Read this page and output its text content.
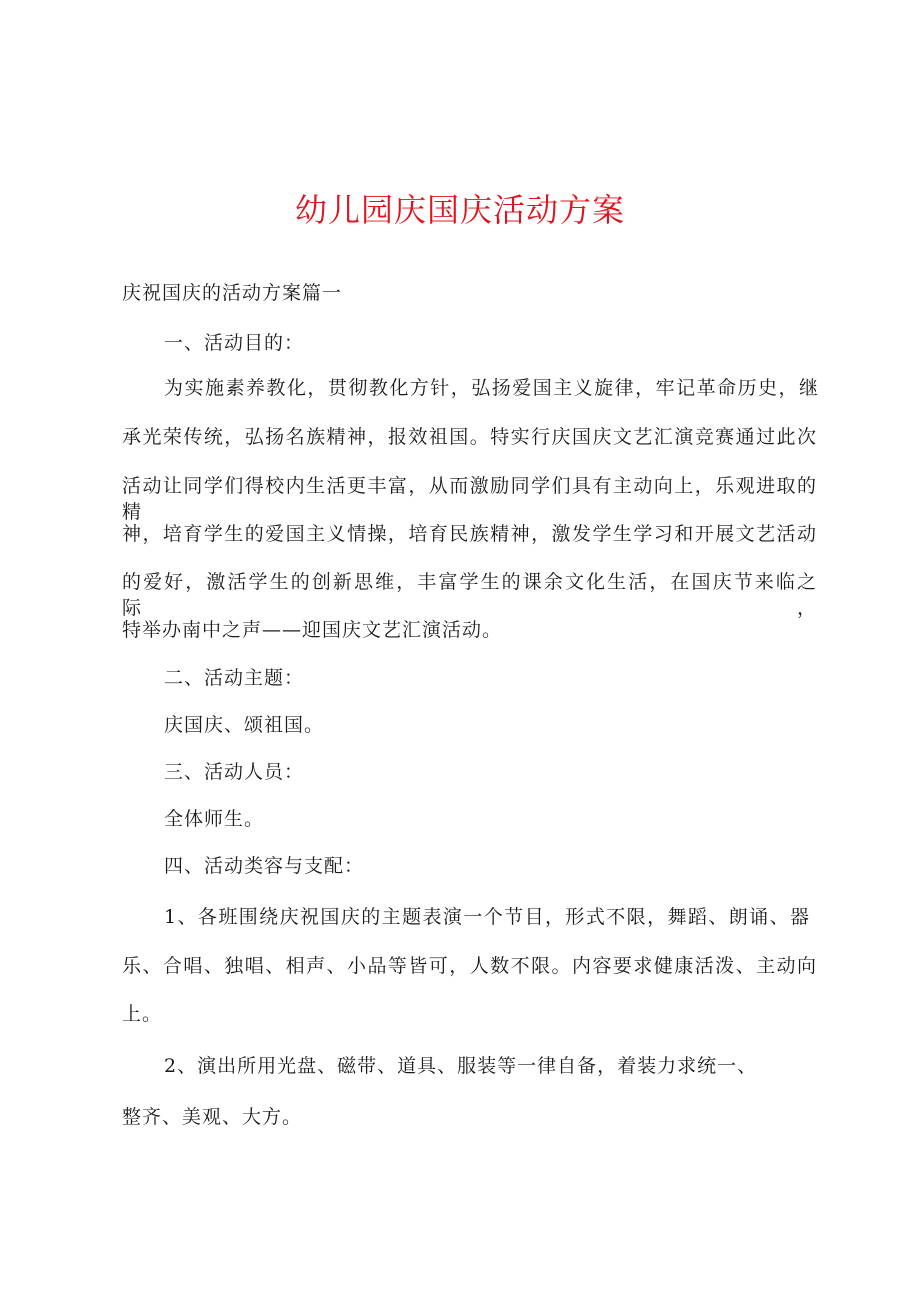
幼儿园庆国庆活动方案
庆祝国庆的活动方案篇一
一、活动目的：
为实施素养教化，贯彻教化方针，弘扬爱国主义旋律，牢记革命历史，继
承光荣传统，弘扬名族精神，报效祖国。特实行庆国庆文艺汇演竞赛通过此次
活动让同学们得校内生活更丰富，从而激励同学们具有主动向上，乐观进取的精
神，培育学生的爱国主义情操，培育民族精神，激发学生学习和开展文艺活动
的爱好，激活学生的创新思维，丰富学生的课余文化生活，在国庆节来临之际，
特举办南中之声——迎国庆文艺汇演活动。
二、活动主题：
庆国庆、颂祖国。
三、活动人员：
全体师生。
四、活动类容与支配：
1、各班围绕庆祝国庆的主题表演一个节目，形式不限，舞蹈、朗诵、器
乐、合唱、独唱、相声、小品等皆可，人数不限。内容要求健康活泼、主动向
上。
2、演出所用光盘、磁带、道具、服装等一律自备，着装力求统一、
整齐、美观、大方。
